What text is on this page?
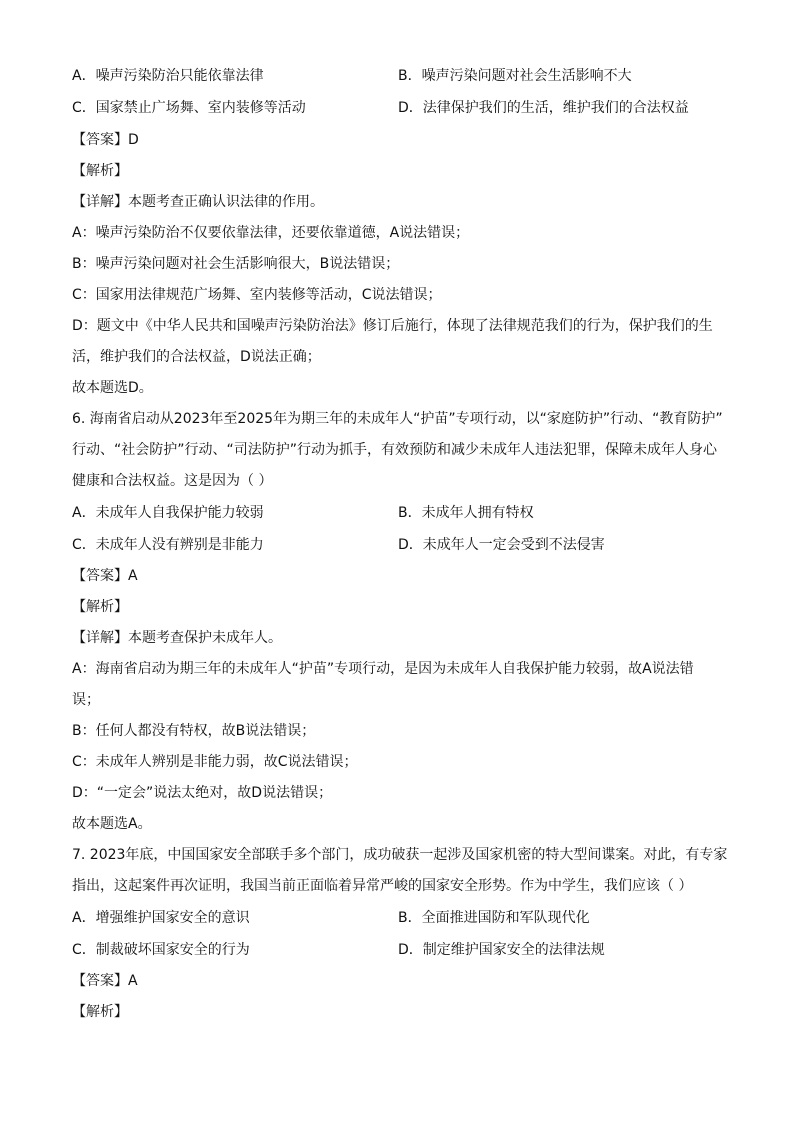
A．噪声污染防治只能依靠法律	B．噪声污染问题对社会生活影响不大
C．国家禁止广场舞、室内装修等活动	D．法律保护我们的生活，维护我们的合法权益
【答案】D
【解析】
【详解】本题考查正确认识法律的作用。
A：噪声污染防治不仅要依靠法律，还要依靠道德，A说法错误；
B：噪声污染问题对社会生活影响很大，B说法错误；
C：国家用法律规范广场舞、室内装修等活动，C说法错误；
D：题文中《中华人民共和国噪声污染防治法》修订后施行，体现了法律规范我们的行为，保护我们的生
活，维护我们的合法权益，D说法正确；
故本题选D。
6. 海南省启动从2023年至2025年为期三年的未成年人“护苗”专项行动，以“家庭防护”行动、“教育防护”
行动、“社会防护”行动、“司法防护”行动为抓手，有效预防和减少未成年人违法犯罪，保障未成年人身心
健康和合法权益。这是因为（ ）
A．未成年人自我保护能力较弱	B．未成年人拥有特权
C．未成年人没有辨别是非能力	D．未成年人一定会受到不法侵害
【答案】A
【解析】
【详解】本题考查保护未成年人。
A：海南省启动为期三年的未成年人“护苗”专项行动，是因为未成年人自我保护能力较弱，故A说法错
误；
B：任何人都没有特权，故B说法错误；
C：未成年人辨别是非能力弱，故C说法错误；
D：“一定会”说法太绝对，故D说法错误；
故本题选A。
7. 2023年底，中国国家安全部联手多个部门，成功破获一起涉及国家机密的特大型间谍案。对此，有专家
指出，这起案件再次证明，我国当前正面临着异常严峻的国家安全形势。作为中学生，我们应该（ ）
A．增强维护国家安全的意识	B．全面推进国防和军队现代化
C．制裁破坏国家安全的行为	D．制定维护国家安全的法律法规
【答案】A
【解析】
